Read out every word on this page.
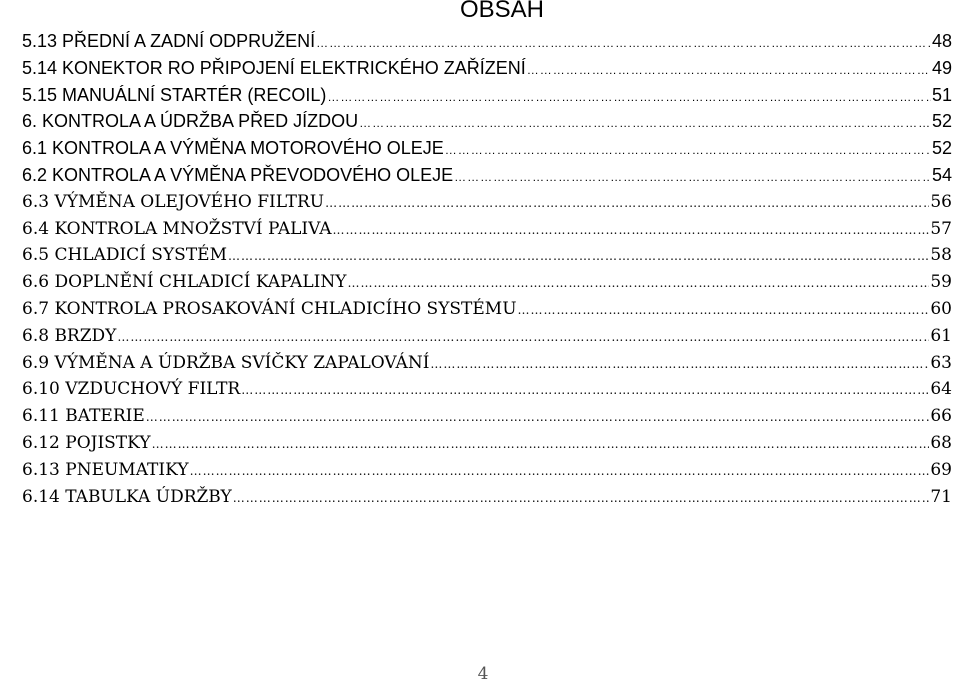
OBSAH
5.13 PŘEDNÍ A ZADNÍ ODPRUŽENÍ …………………………………………………………………………………………………………………………………………………………………………………………………………………	48
5.14 KONEKTOR RO PŘIPOJENÍ ELEKTRICKÉHO ZAŘÍZENÍ …………………………………………………………………………………………………………………………………………………………………………………………………………………	49
5.15 MANUÁLNÍ STARTÉR (RECOIL) …………………………………………………………………………………………………………………………………………………………………………………………………………………	51
6. KONTROLA A ÚDRŽBA PŘED JÍZDOU …………………………………………………………………………………………………………………………………………………………………………………………………………………	52
6.1 KONTROLA A VÝMĚNA MOTOROVÉHO OLEJE …………………………………………………………………………………………………………………………………………………………………………………………………………………	52
6.2 KONTROLA A VÝMĚNA PŘEVODOVÉHO OLEJE …………………………………………………………………………………………………………………………………………………………………………………………………………………	54
6.3 VÝMĚNA OLEJOVÉHO FILTRU …………………………………………………………………………………………………………………………………………………………………………………………………………………	56
6.4 KONTROLA MNOŽSTVÍ PALIVA …………………………………………………………………………………………………………………………………………………………………………………………………………………	57
6.5 CHLADICÍ SYSTÉM …………………………………………………………………………………………………………………………………………………………………………………………………………………	58
6.6 DOPLNĚNÍ CHLADICÍ KAPALINY …………………………………………………………………………………………………………………………………………………………………………………………………………………	59
6.7 KONTROLA PROSAKOVÁNÍ CHLADICÍHO SYSTÉMU …………………………………………………………………………………………………………………………………………………………………………………………………………………	60
6.8 BRZDY …………………………………………………………………………………………………………………………………………………………………………………………………………………	61
6.9 VÝMĚNA A ÚDRŽBA SVÍČKY ZAPALOVÁNÍ …………………………………………………………………………………………………………………………………………………………………………………………………………………	63
6.10 VZDUCHOVÝ FILTR …………………………………………………………………………………………………………………………………………………………………………………………………………………	64
6.11 BATERIE …………………………………………………………………………………………………………………………………………………………………………………………………………………	66
6.12 POJISTKY …………………………………………………………………………………………………………………………………………………………………………………………………………………	68
6.13 PNEUMATIKY …………………………………………………………………………………………………………………………………………………………………………………………………………………	69
6.14 TABULKA ÚDRŽBY …………………………………………………………………………………………………………………………………………………………………………………………………………………	71
4
